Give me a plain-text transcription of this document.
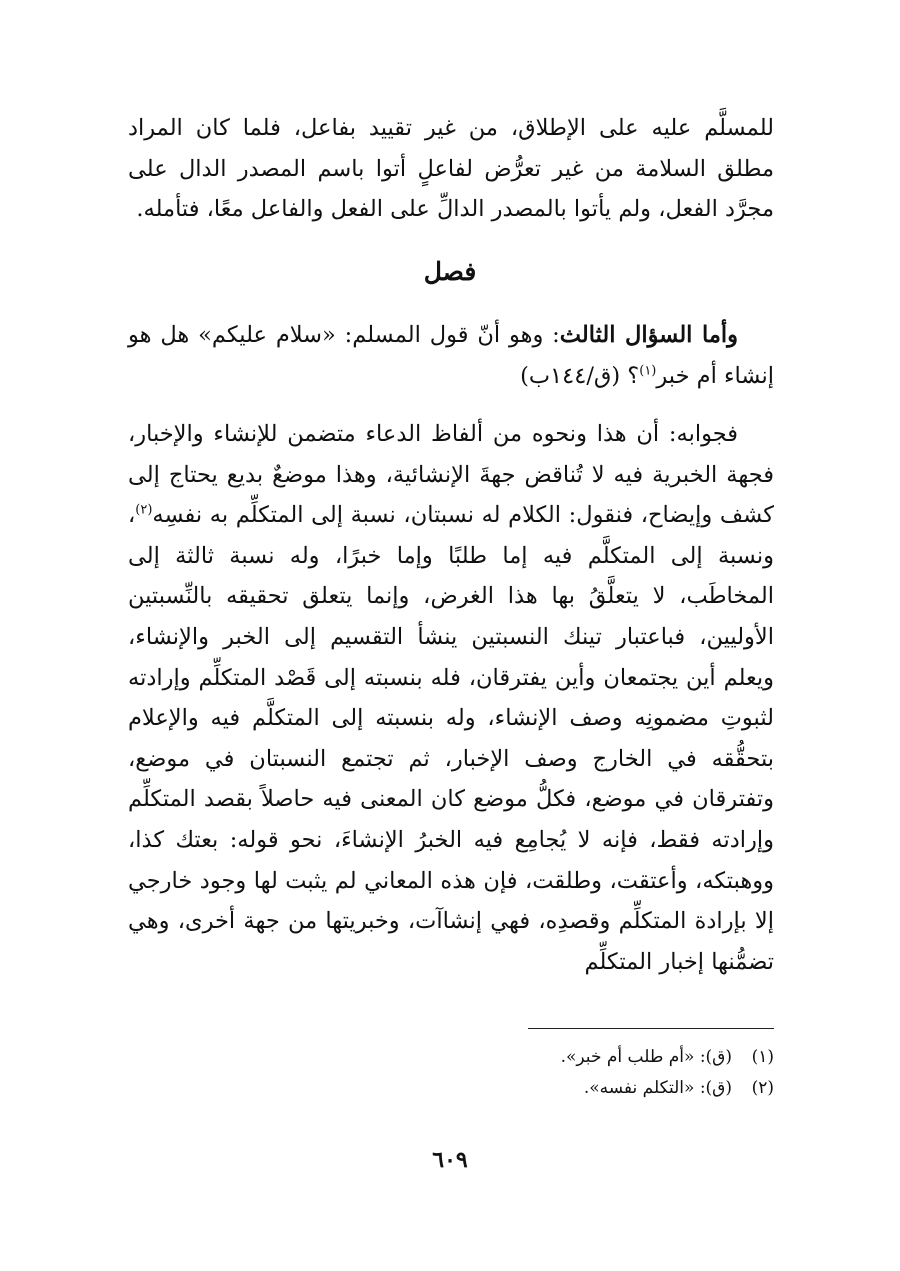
للمسلَّم عليه على الإطلاق، من غير تقييد بفاعل، فلما كان المراد مطلق السلامة من غير تعرُّض لفاعلٍ أتوا باسم المصدر الدال على مجرَّد الفعل، ولم يأتوا بالمصدر الدالِّ على الفعل والفاعل معًا، فتأمله.

فصل

وأما السؤال الثالث: وهو أنّ قول المسلم: «سلام عليكم» هل هو إنشاء أم خبر$^{(١)}$؟ (ق/١٤٤ب)

فجوابه: أن هذا ونحوه من ألفاظ الدعاء متضمن للإنشاء والإخبار، فجهة الخبرية فيه لا تُناقض جهةَ الإنشائية، وهذا موضعٌ بديع يحتاج إلى كشف وإيضاح، فنقول: الكلام له نسبتان، نسبة إلى المتكلِّم به نفسِه$^{(٢)}$، ونسبة إلى المتكلَّم فيه إما طلبًا وإما خبرًا، وله نسبة ثالثة إلى المخاطَب، لا يتعلَّقُ بها هذا الغرض، وإنما يتعلق تحقيقه بالنِّسبتين الأوليين، فباعتبار تينك النسبتين ينشأ التقسيم إلى الخبر والإنشاء، ويعلم أين يجتمعان وأين يفترقان، فله بنسبته إلى قَصْد المتكلِّم وإرادته لثبوتِ مضمونِه وصف الإنشاء، وله بنسبته إلى المتكلَّم فيه والإعلام بتحقُّقه في الخارج وصف الإخبار، ثم تجتمع النسبتان في موضع، وتفترقان في موضع، فكلُّ موضع كان المعنى فيه حاصلاً بقصد المتكلِّم وإرادته فقط، فإنه لا يُجامِع فيه الخبرُ الإنشاءَ، نحو قوله: بعتك كذا، ووهبتكه، وأعتقت، وطلقت، فإن هذه المعاني لم يثبت لها وجود خارجي إلا بإرادة المتكلِّم وقصدِه، فهي إنشاآت، وخبريتها من جهة أخرى، وهي تضمُّنها إخبار المتكلِّم

(١)(ق): «أم طلب أم خبر».
(٢)(ق): «التكلم نفسه».
٦٠٩
